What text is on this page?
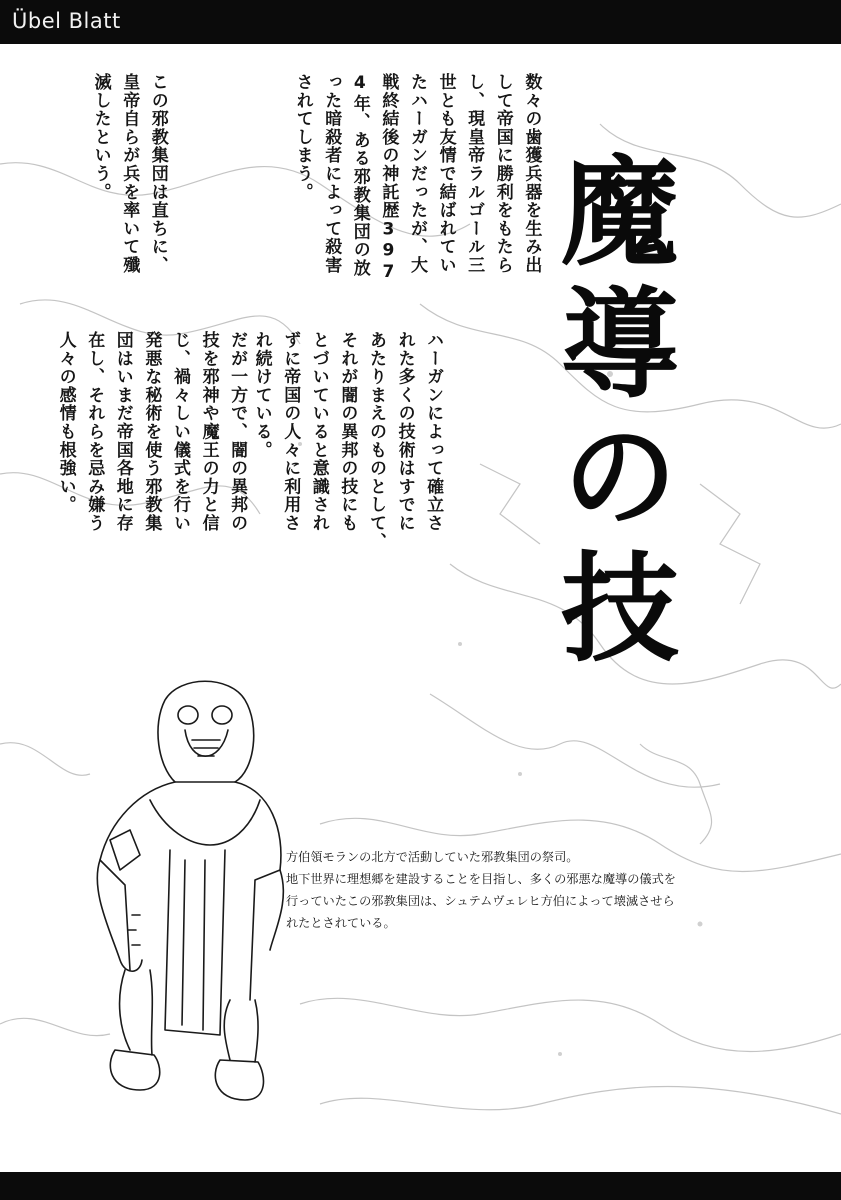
Übel Blatt
数々の歯獲兵器を生み出
して帝国に勝利をもたら
し、現皇帝ラルゴール三
世とも友情で結ばれてい
たハーガンだったが、大
戦終結後の神託歴397
4年、ある邪教集団の放
った暗殺者によって殺害
されてしまう。
この邪教集団は直ちに、
皇帝自らが兵を率いて殲
滅したという。
ハーガンによって確立さ
れた多くの技術はすでに
あたりまえのものとして、
それが闇の異邦の技にも
とづいていると意識され
ずに帝国の人々に利用さ
れ続けている。
だが一方で、闇の異邦の
技を邪神や魔王の力と信
じ、禍々しい儀式を行い
発悪な秘術を使う邪教集
団はいまだ帝国各地に存
在し、それらを忌み嫌う
人々の感情も根強い。	魔導の技

方伯領モランの北方で活動していた邪教集団の祭司。

地下世界に理想郷を建設することを目指し、多くの邪悪な魔導の儀式を

行っていたこの邪教集団は、シュテムヴェレヒ方伯によって壊滅させら

れたとされている。
